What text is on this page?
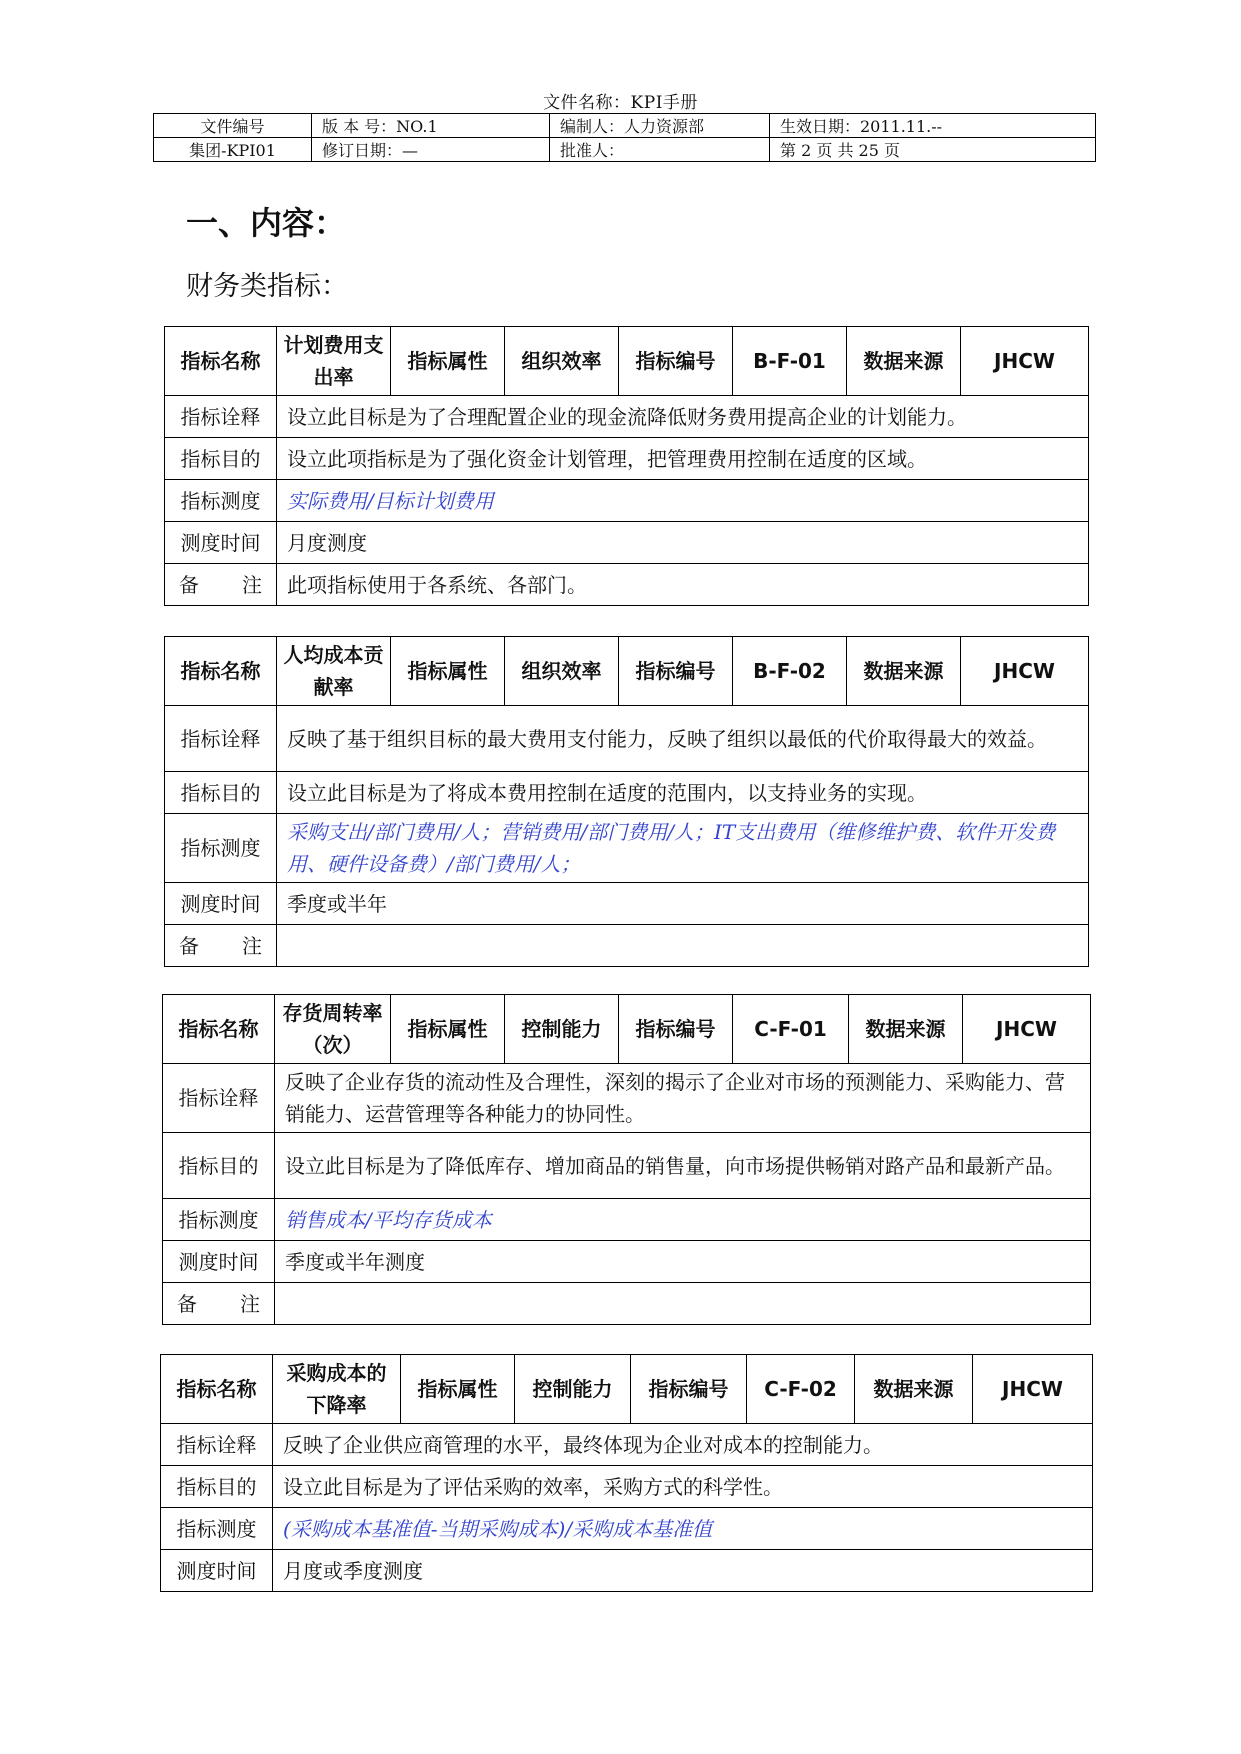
文件名称：KPI手册
文件编号	版 本 号：NO.1	编制人：人力资源部	生效日期：2011.11.--
集团-KPI01	修订日期：—	批准人：	第 2 页 共 25 页
一、内容：
财务类指标：
指标名称	计划费用支出率	指标属性	组织效率	指标编号	B-F-01	数据来源	JHCW
指标诠释	设立此目标是为了合理配置企业的现金流降低财务费用提高企业的计划能力。						
指标目的	设立此项指标是为了强化资金计划管理，把管理费用控制在适度的区域。						
指标测度	实际费用/目标计划费用						
测度时间	月度测度						
备注	此项指标使用于各系统、各部门。						
指标名称	人均成本贡献率	指标属性	组织效率	指标编号	B-F-02	数据来源	JHCW
指标诠释	反映了基于组织目标的最大费用支付能力，反映了组织以最低的代价取得最大的效益。						
指标目的	设立此目标是为了将成本费用控制在适度的范围内，以支持业务的实现。						
指标测度	采购支出/部门费用/人；营销费用/部门费用/人；IT支出费用（维修维护费、软件开发费用、硬件设备费）/部门费用/人；						
测度时间	季度或半年						
备注							
指标名称	存货周转率（次）	指标属性	控制能力	指标编号	C-F-01	数据来源	JHCW
指标诠释	反映了企业存货的流动性及合理性，深刻的揭示了企业对市场的预测能力、采购能力、营销能力、运营管理等各种能力的协同性。						
指标目的	设立此目标是为了降低库存、增加商品的销售量，向市场提供畅销对路产品和最新产品。						
指标测度	销售成本/平均存货成本						
测度时间	季度或半年测度						
备注							
指标名称	采购成本的下降率	指标属性	控制能力	指标编号	C-F-02	数据来源	JHCW
指标诠释	反映了企业供应商管理的水平，最终体现为企业对成本的控制能力。						
指标目的	设立此目标是为了评估采购的效率，采购方式的科学性。						
指标测度	(采购成本基准值-当期采购成本)/采购成本基准值						
测度时间	月度或季度测度						
